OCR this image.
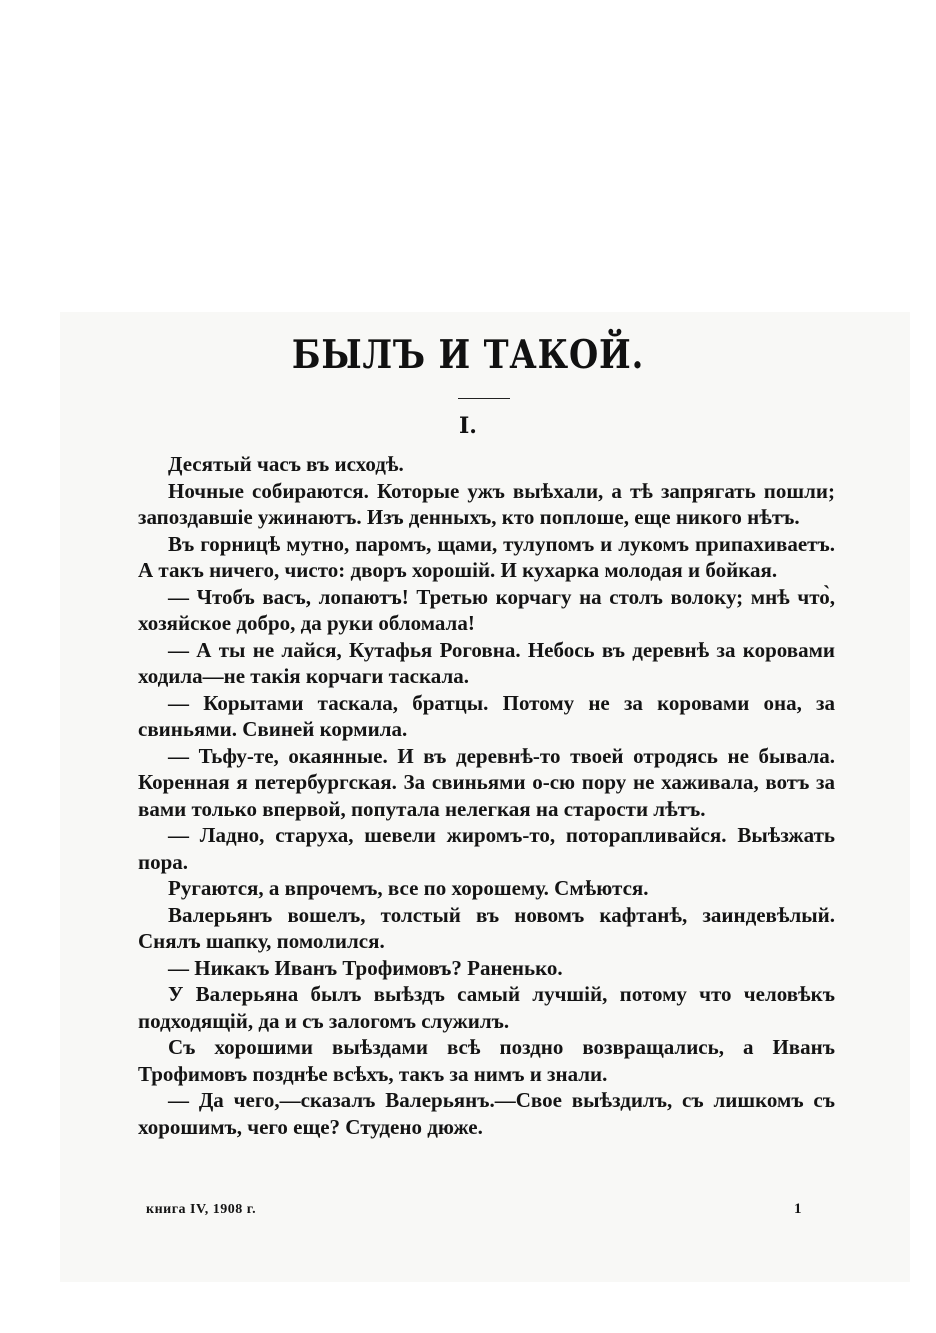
БЫЛЪ И ТАКОЙ.
I.

Десятый часъ въ исходѣ.

Ночные собираются. Которые ужъ выѣхали, а тѣ запрягать пошли; запоздавшіе ужинаютъ. Изъ денныхъ, кто поплоше, еще никого нѣтъ.

Въ горницѣ мутно, паромъ, щами, тулупомъ и лукомъ припахиваетъ. А такъ ничего, чисто: дворъ хорошій. И кухарка молодая и бойкая.

— Чтобъ васъ, лопаютъ! Третью корчагу на столъ волоку; мнѣ что̀, хозяйское добро, да руки обломала!

— А ты не лайся, Кутафья Роговна. Небось въ деревнѣ за коровами ходила—не такія корчаги таскала.

— Корытами таскала, братцы. Потому не за коровами она, за свиньями. Свиней кормила.

— Тьфу-те, окаянные. И въ деревнѣ-то твоей отродясь не бывала. Коренная я петербургская. За свиньями о-сю пору не хаживала, вотъ за вами только впервой, попутала нелегкая на старости лѣтъ.

— Ладно, старуха, шевели жиромъ-то, поторапливайся. Выѣзжать пора.

Ругаются, а впрочемъ, все по хорошему. Смѣются.

Валерьянъ вошелъ, толстый въ новомъ кафтанѣ, заиндевѣлый. Снялъ шапку, помолился.

— Никакъ Иванъ Трофимовъ? Раненько.

У Валерьяна былъ выѣздъ самый лучшій, потому что человѣкъ подходящій, да и съ залогомъ служилъ.

Съ хорошими выѣздами всѣ поздно возвращались, а Иванъ Трофимовъ позднѣе всѣхъ, такъ за нимъ и знали.

— Да чего,—сказалъ Валерьянъ.—Свое выѣздилъ, съ лишкомъ съ хорошимъ, чего еще? Студено дюже.

книга IV, 1908 г.	1
